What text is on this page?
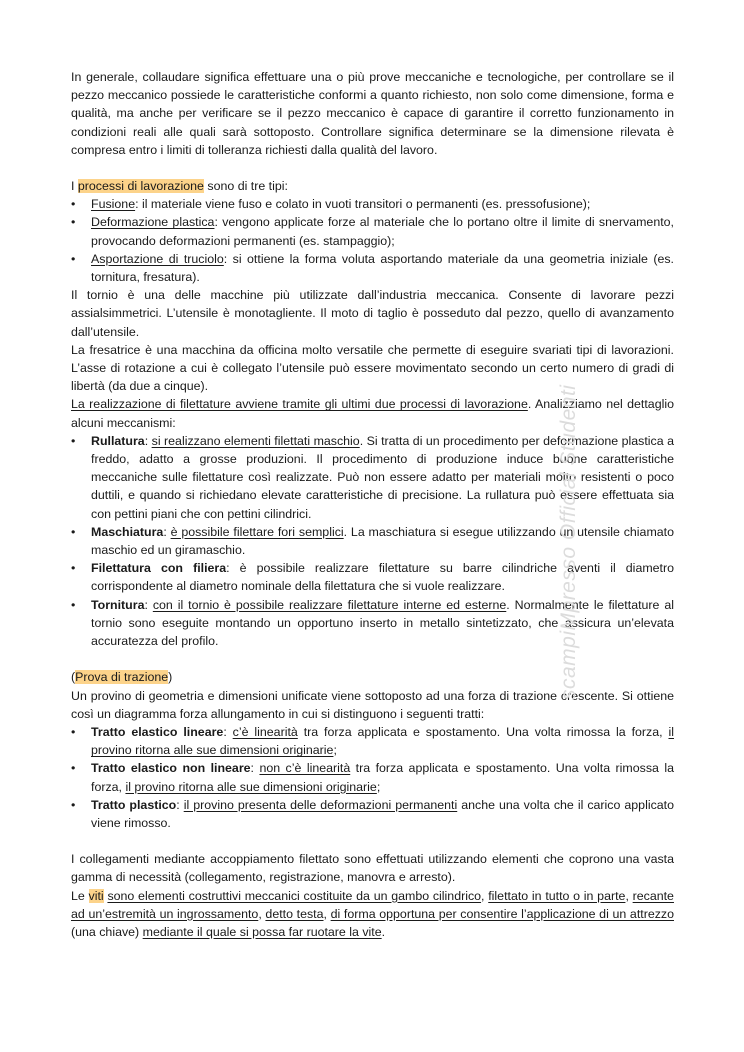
In generale, collaudare significa effettuare una o più prove meccaniche e tecnologiche, per controllare se il pezzo meccanico possiede le caratteristiche conformi a quanto richiesto, non solo come dimensione, forma e qualità, ma anche per verificare se il pezzo meccanico è capace di garantire il corretto funzionamento in condizioni reali alle quali sarà sottoposto. Controllare significa determinare se la dimensione rilevata è compresa entro i limiti di tolleranza richiesti dalla qualità del lavoro.

I processi di lavorazione sono di tre tipi:

• Fusione: il materiale viene fuso e colato in vuoti transitori o permanenti (es. pressofusione);
• Deformazione plastica: vengono applicate forze al materiale che lo portano oltre il limite di snervamento, provocando deformazioni permanenti (es. stampaggio);
• Asportazione di truciolo: si ottiene la forma voluta asportando materiale da una geometria iniziale (es. tornitura, fresatura).

Il tornio è una delle macchine più utilizzate dall’industria meccanica. Consente di lavorare pezzi assialsimmetrici. L’utensile è monotagliente. Il moto di taglio è posseduto dal pezzo, quello di avanzamento dall’utensile.

La fresatrice è una macchina da officina molto versatile che permette di eseguire svariati tipi di lavorazioni. L’asse di rotazione a cui è collegato l’utensile può essere movimentato secondo un certo numero di gradi di libertà (da due a cinque).

La realizzazione di filettature avviene tramite gli ultimi due processi di lavorazione. Analizziamo nel dettaglio alcuni meccanismi:

• Rullatura: si realizzano elementi filettati maschio. Si tratta di un procedimento per deformazione plastica a freddo, adatto a grosse produzioni. Il procedimento di produzione induce buone caratteristiche meccaniche sulle filettature così realizzate. Può non essere adatto per materiali molto resistenti o poco duttili, e quando si richiedano elevate caratteristiche di precisione. La rullatura può essere effettuata sia con pettini piani che con pettini cilindrici.
• Maschiatura: è possibile filettare fori semplici. La maschiatura si esegue utilizzando un utensile chiamato maschio ed un giramaschio.
• Filettatura con filiera: è possibile realizzare filettature su barre cilindriche aventi il diametro corrispondente al diametro nominale della filettatura che si vuole realizzare.
• Tornitura: con il tornio è possibile realizzare filettature interne ed esterne. Normalmente le filettature al tornio sono eseguite montando un opportuno inserto in metallo sintetizzato, che assicura un’elevata accuratezza del profilo.

(Prova di trazione)

Un provino di geometria e dimensioni unificate viene sottoposto ad una forza di trazione crescente. Si ottiene così un diagramma forza allungamento in cui si distinguono i seguenti tratti:

• Tratto elastico lineare: c’è linearità tra forza applicata e spostamento. Una volta rimossa la forza, il provino ritorna alle sue dimensioni originarie;
• Tratto elastico non lineare: non c’è linearità tra forza applicata e spostamento. Una volta rimossa la forza, il provino ritorna alle sue dimensioni originarie;
• Tratto plastico: il provino presenta delle deformazioni permanenti anche una volta che il carico applicato viene rimosso.

I collegamenti mediante accoppiamento filettato sono effettuati utilizzando elementi che coprono una vasta gamma di necessità (collegamento, registrazione, manovra e arresto).

Le viti sono elementi costruttivi meccanici costituite da un gambo cilindrico, filettato in tutto o in parte, recante ad un’estremità un ingrossamento, detto testa, di forma opportuna per consentire l’applicazione di un attrezzo (una chiave) mediante il quale si possa far ruotare la vite.

scampiMpresso Official Studenti
